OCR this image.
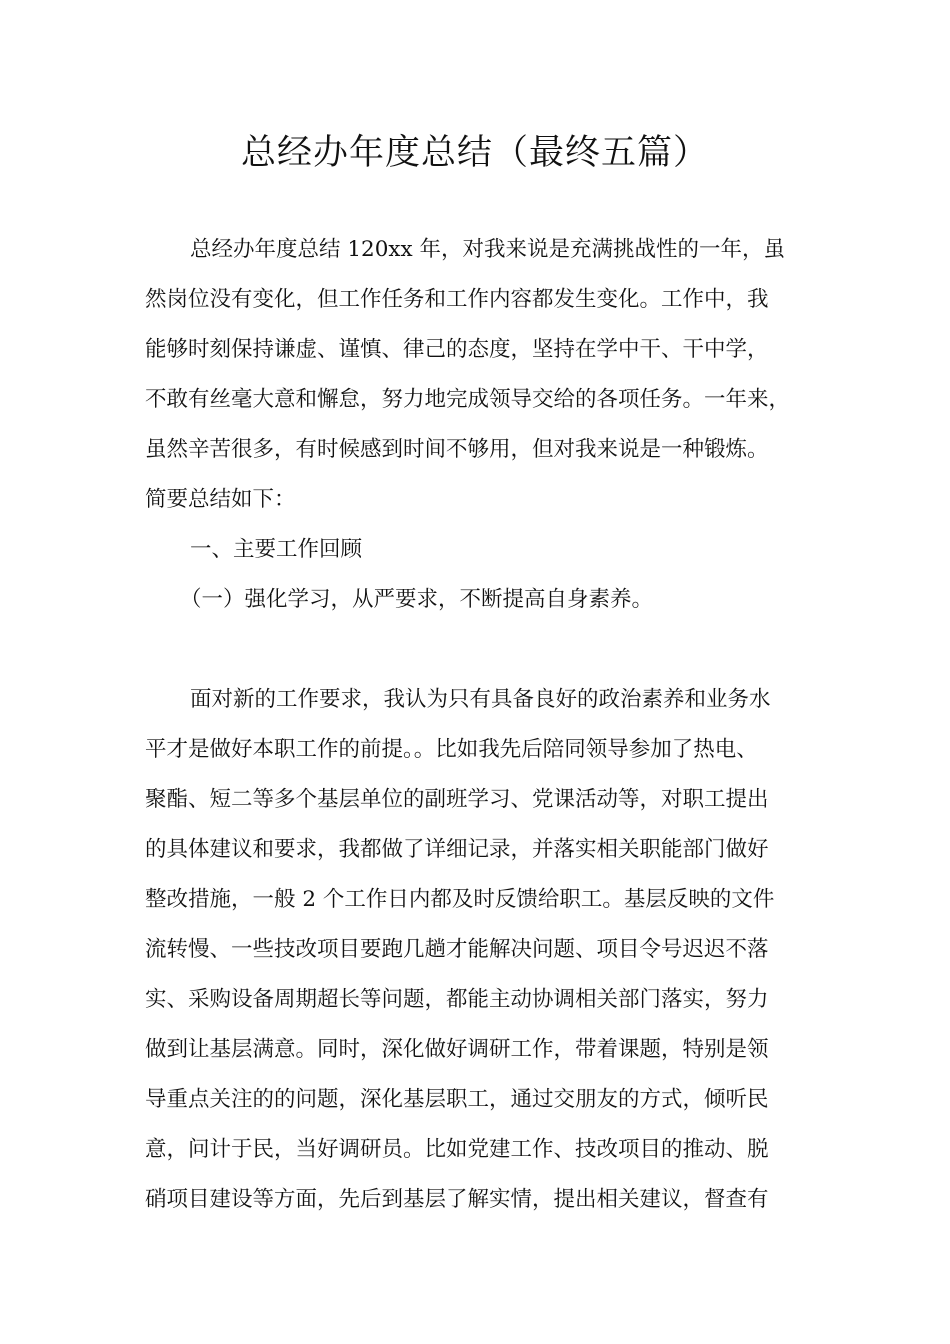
总经办年度总结（最终五篇）

总经办年度总结 120xx 年，对我来说是充满挑战性的一年，虽

然岗位没有变化，但工作任务和工作内容都发生变化。工作中，我

能够时刻保持谦虚、谨慎、律己的态度，坚持在学中干、干中学，

不敢有丝毫大意和懈怠，努力地完成领导交给的各项任务。一年来，

虽然辛苦很多，有时候感到时间不够用，但对我来说是一种锻炼。

简要总结如下：

一、主要工作回顾

（一）强化学习，从严要求，不断提高自身素养。

面对新的工作要求，我认为只有具备良好的政治素养和业务水

平才是做好本职工作的前提。。比如我先后陪同领导参加了热电、

聚酯、短二等多个基层单位的副班学习、党课活动等，对职工提出

的具体建议和要求，我都做了详细记录，并落实相关职能部门做好

整改措施，一般 2 个工作日内都及时反馈给职工。基层反映的文件

流转慢、一些技改项目要跑几趟才能解决问题、项目令号迟迟不落

实、采购设备周期超长等问题，都能主动协调相关部门落实，努力

做到让基层满意。同时，深化做好调研工作，带着课题，特别是领

导重点关注的的问题，深化基层职工，通过交朋友的方式，倾听民

意，问计于民，当好调研员。比如党建工作、技改项目的推动、脱

硝项目建设等方面，先后到基层了解实情，提出相关建议，督查有
